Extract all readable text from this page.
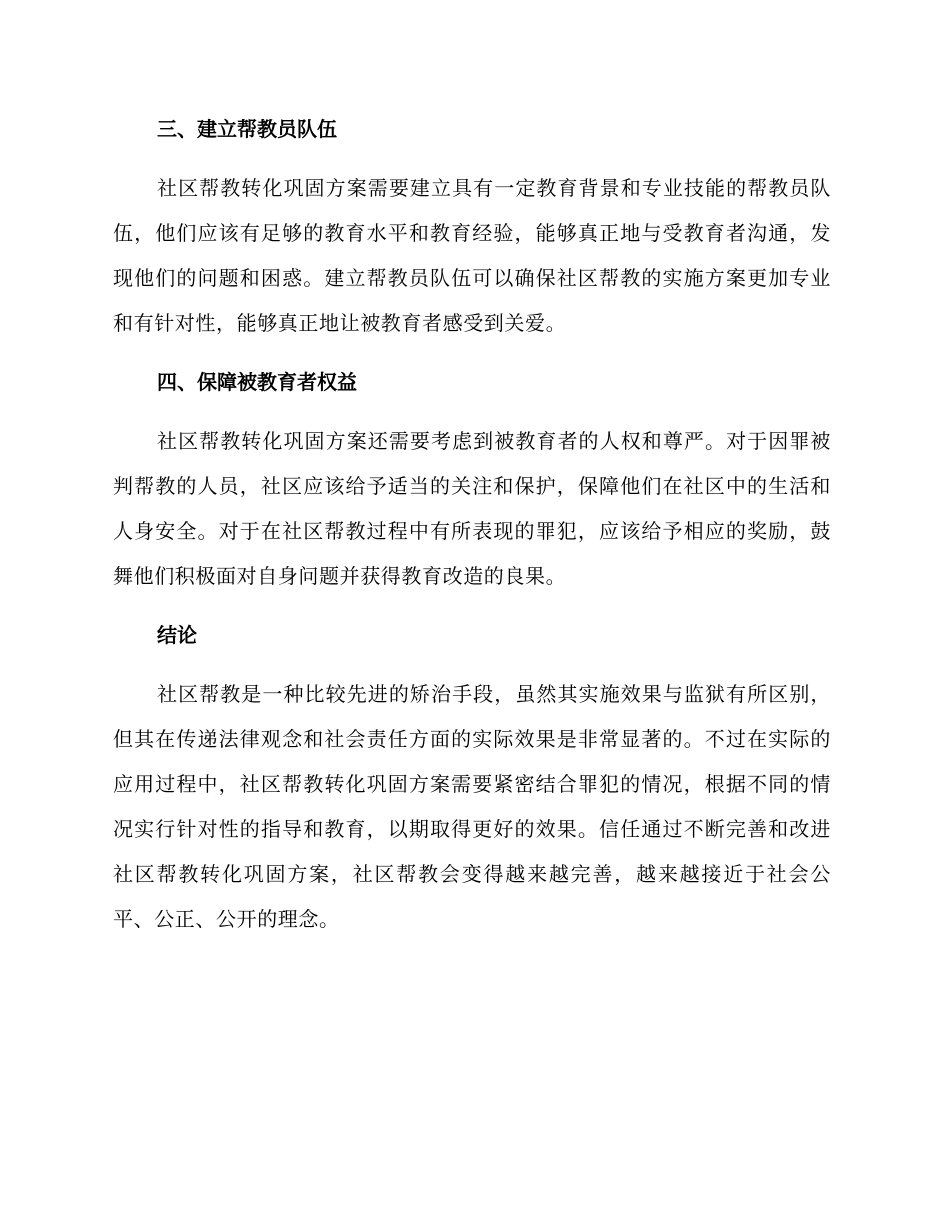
三、建立帮教员队伍

社区帮教转化巩固方案需要建立具有一定教育背景和专业技能的帮教员队伍，他们应该有足够的教育水平和教育经验，能够真正地与受教育者沟通，发现他们的问题和困惑。建立帮教员队伍可以确保社区帮教的实施方案更加专业和有针对性，能够真正地让被教育者感受到关爱。

四、保障被教育者权益

社区帮教转化巩固方案还需要考虑到被教育者的人权和尊严。对于因罪被判帮教的人员，社区应该给予适当的关注和保护，保障他们在社区中的生活和人身安全。对于在社区帮教过程中有所表现的罪犯，应该给予相应的奖励，鼓舞他们积极面对自身问题并获得教育改造的良果。

结论

社区帮教是一种比较先进的矫治手段，虽然其实施效果与监狱有所区别，但其在传递法律观念和社会责任方面的实际效果是非常显著的。不过在实际的应用过程中，社区帮教转化巩固方案需要紧密结合罪犯的情况，根据不同的情况实行针对性的指导和教育，以期取得更好的效果。信任通过不断完善和改进社区帮教转化巩固方案，社区帮教会变得越来越完善，越来越接近于社会公平、公正、公开的理念。
